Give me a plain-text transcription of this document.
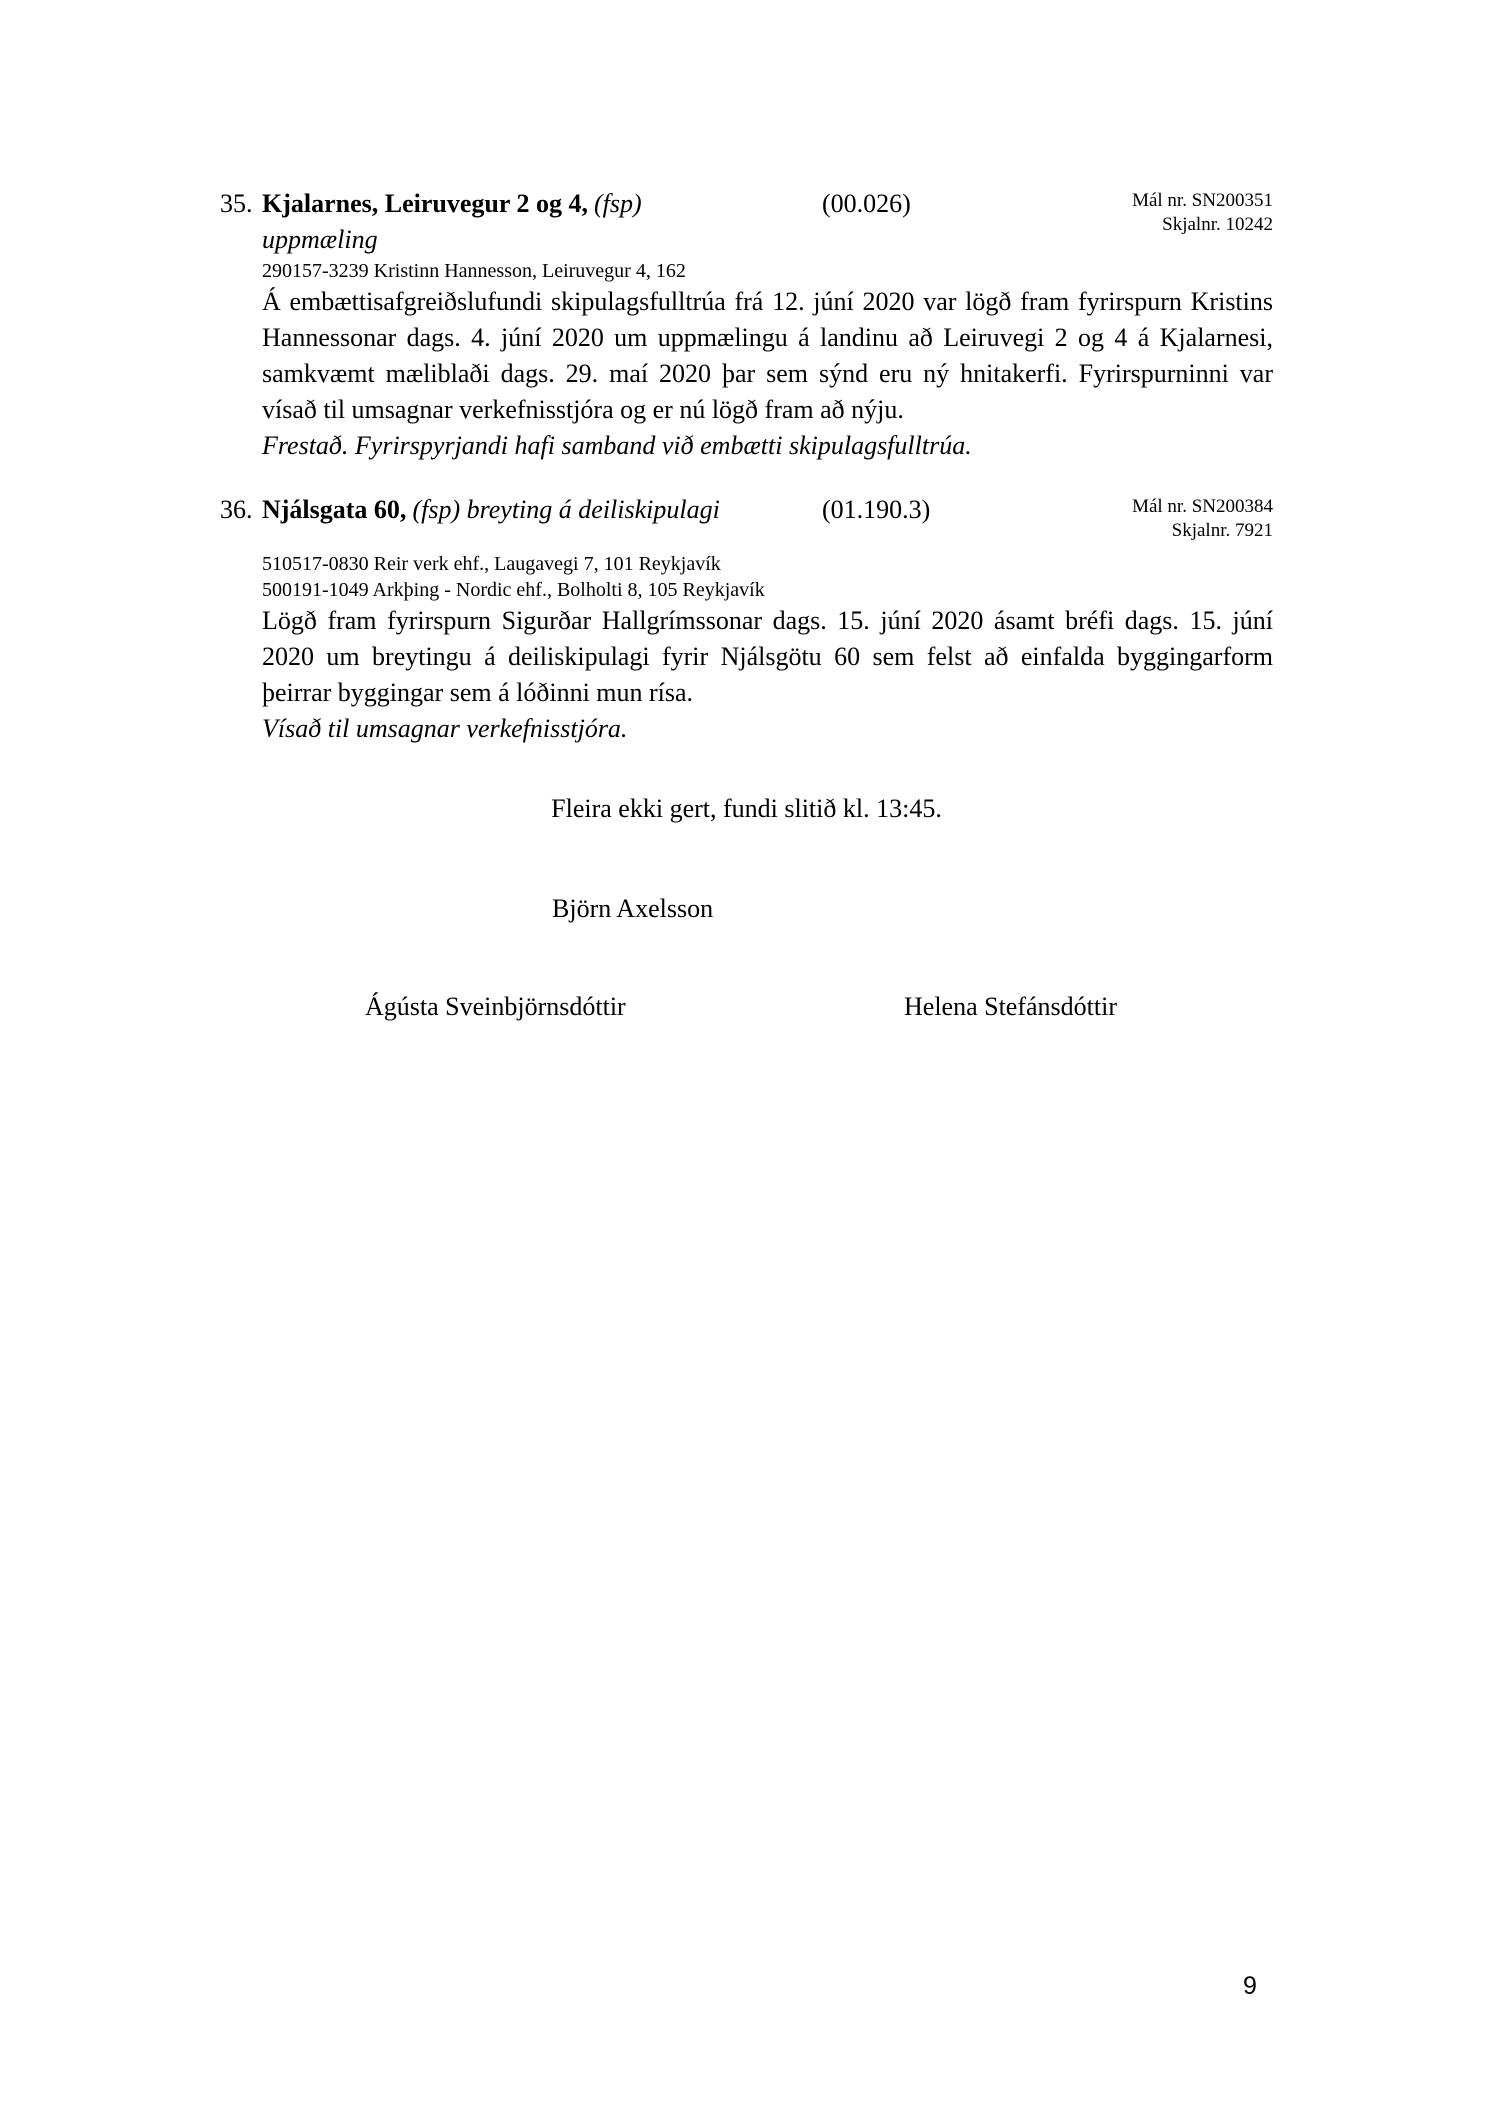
35. Kjalarnes, Leiruvegur 2 og 4, (fsp)
uppmæling
(00.026)	Mál nr. SN200351
Skjalnr. 10242
290157-3239 Kristinn Hannesson, Leiruvegur 4, 162

Á embættisafgreiðslufundi skipulagsfulltrúa frá 12. júní 2020 var lögð fram fyrirspurn Kristins Hannessonar dags. 4. júní 2020 um uppmælingu á landinu að Leiruvegi 2 og 4 á Kjalarnesi, samkvæmt mæliblaði dags. 29. maí 2020 þar sem sýnd eru ný hnitakerfi. Fyrirspurninni var vísað til umsagnar verkefnisstjóra og er nú lögð fram að nýju.

Frestað. Fyrirspyrjandi hafi samband við embætti skipulagsfulltrúa.

36. Njálsgata 60, (fsp) breyting á deiliskipulagi	(01.190.3)	Mál nr. SN200384
Skjalnr. 7921
510517-0830 Reir verk ehf., Laugavegi 7, 101 Reykjavík
500191-1049 Arkþing - Nordic ehf., Bolholti 8, 105 Reykjavík

Lögð fram fyrirspurn Sigurðar Hallgrímssonar dags. 15. júní 2020 ásamt bréfi dags. 15. júní 2020 um breytingu á deiliskipulagi fyrir Njálsgötu 60 sem felst að einfalda byggingarform þeirrar byggingar sem á lóðinni mun rísa.

Vísað til umsagnar verkefnisstjóra.

Fleira ekki gert, fundi slitið kl. 13:45.
Björn Axelsson
Ágústa Sveinbjörnsdóttir	Helena Stefánsdóttir
9
